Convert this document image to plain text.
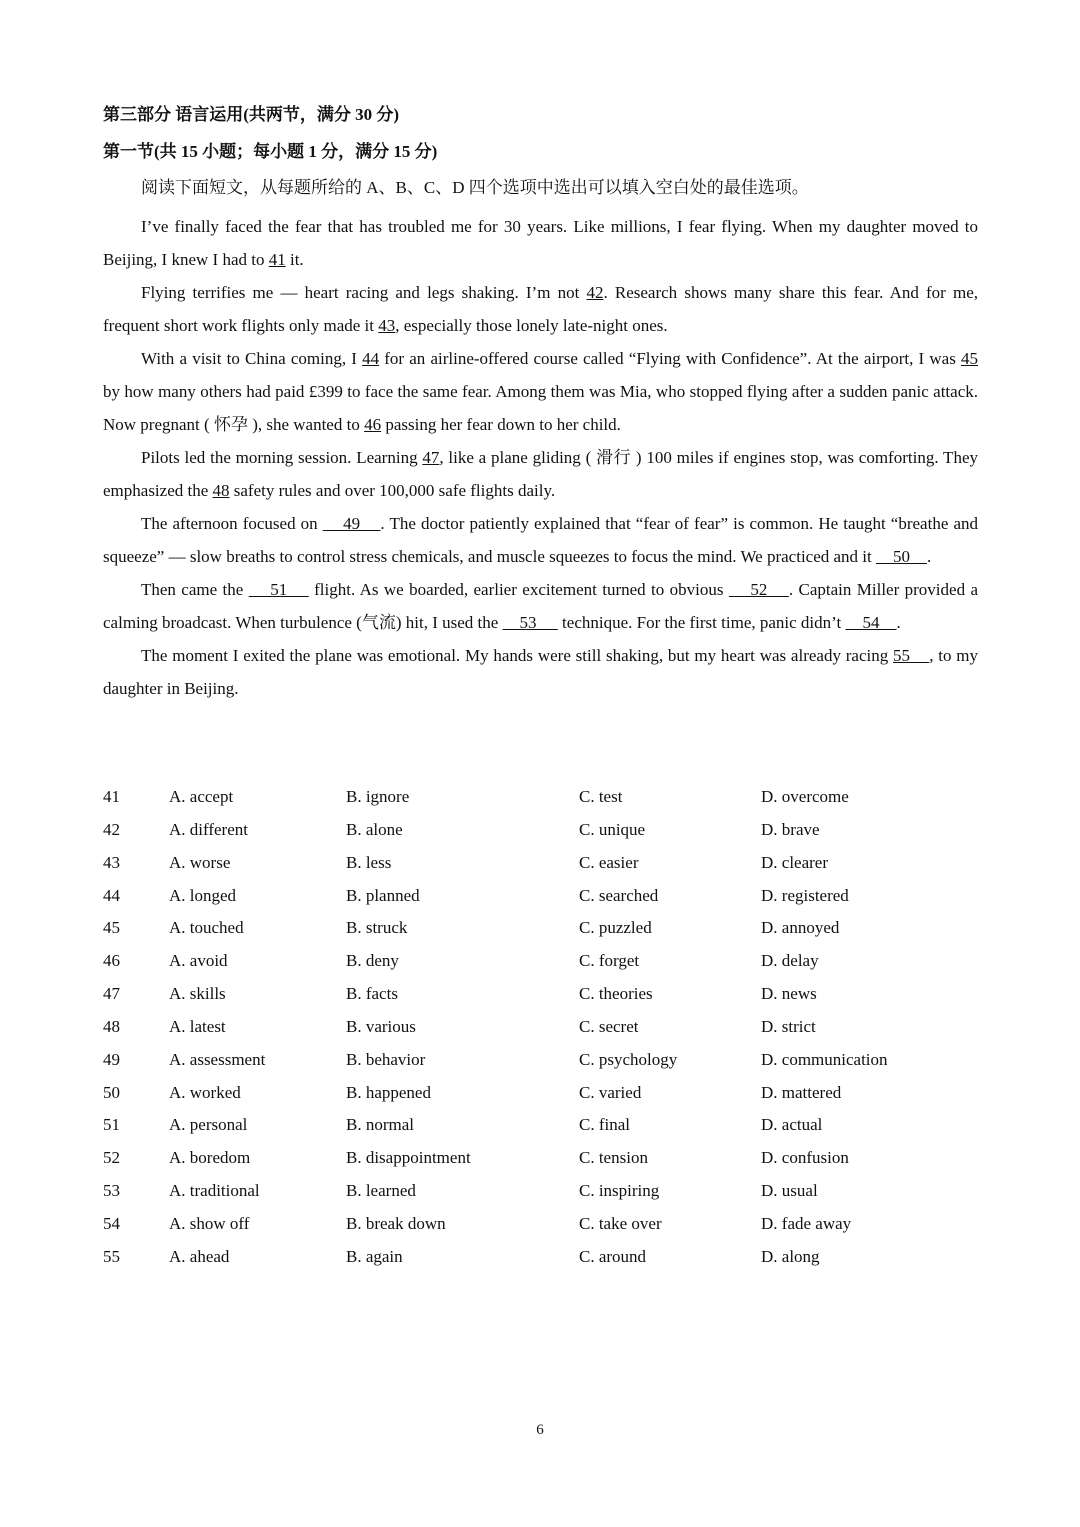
第三部分 语言运用(共两节，满分 30 分)
第一节(共 15 小题；每小题 1 分，满分 15 分)
阅读下面短文，从每题所给的 A、B、C、D 四个选项中选出可以填入空白处的最佳选项。

I’ve finally faced the fear that has troubled me for 30 years. Like millions, I fear flying. When my daughter moved to Beijing, I knew I had to 41 it.

Flying terrifies me — heart racing and legs shaking. I’m not 42. Research shows many share this fear. And for me, frequent short work flights only made it 43, especially those lonely late-night ones.

With a visit to China coming, I 44 for an airline-offered course called “Flying with Confidence”. At the airport, I was 45 by how many others had paid £399 to face the same fear. Among them was Mia, who stopped flying after a sudden panic attack. Now pregnant ( 怀孕 ), she wanted to 46 passing her fear down to her child.

Pilots led the morning session. Learning 47, like a plane gliding ( 滑行 ) 100 miles if engines stop, was comforting. They emphasized the 48 safety rules and over 100,000 safe flights daily.

The afternoon focused on     49    . The doctor patiently explained that “fear of fear” is common. He taught “breathe and squeeze” — slow breaths to control stress chemicals, and muscle squeezes to focus the mind. We practiced and it     50    .

Then came the     51     flight. As we boarded, earlier excitement turned to obvious     52    . Captain Miller provided a calming broadcast. When turbulence (气流) hit, I used the     53      technique. For the first time, panic didn’t     54    .

The moment I exited the plane was emotional. My hands were still shaking, but my heart was already racing 55    , to my daughter in Beijing.

41	A. accept	B. ignore	C. test	D. overcome
42	A. different	B. alone	C. unique	D. brave
43	A. worse	B. less	C. easier	D. clearer
44	A. longed	B. planned	C. searched	D. registered
45	A. touched	B. struck	C. puzzled	D. annoyed
46	A. avoid	B. deny	C. forget	D. delay
47	A. skills	B. facts	C. theories	D. news
48	A. latest	B. various	C. secret	D. strict
49	A. assessment	B. behavior	C. psychology	D. communication
50	A. worked	B. happened	C. varied	D. mattered
51	A. personal	B. normal	C. final	D. actual
52	A. boredom	B. disappointment	C. tension	D. confusion
53	A. traditional	B. learned	C. inspiring	D. usual
54	A. show off	B. break down	C. take over	D. fade away
55	A. ahead	B. again	C. around	D. along
6
